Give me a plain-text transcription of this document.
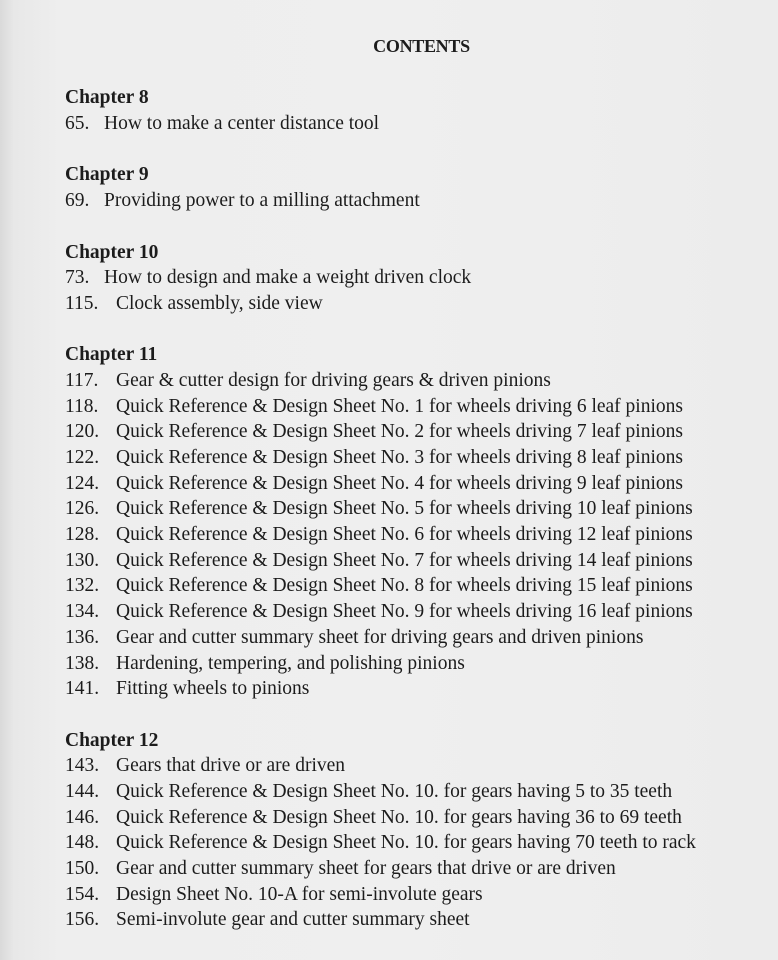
CONTENTS
Chapter 8
65. How to make a center distance tool
Chapter 9
69. Providing power to a milling attachment
Chapter 10
73. How to design and make a weight driven clock
115. Clock assembly, side view
Chapter 11
117. Gear & cutter design for driving gears & driven pinions
118. Quick Reference & Design Sheet No. 1 for wheels driving 6 leaf pinions
120. Quick Reference & Design Sheet No. 2 for wheels driving 7 leaf pinions
122. Quick Reference & Design Sheet No. 3 for wheels driving 8 leaf pinions
124. Quick Reference & Design Sheet No. 4 for wheels driving 9 leaf pinions
126. Quick Reference & Design Sheet No. 5 for wheels driving 10 leaf pinions
128. Quick Reference & Design Sheet No. 6 for wheels driving 12 leaf pinions
130. Quick Reference & Design Sheet No. 7 for wheels driving 14 leaf pinions
132. Quick Reference & Design Sheet No. 8 for wheels driving 15 leaf pinions
134. Quick Reference & Design Sheet No. 9 for wheels driving 16 leaf pinions
136. Gear and cutter summary sheet for driving gears and driven pinions
138. Hardening, tempering, and polishing pinions
141. Fitting wheels to pinions
Chapter 12
143. Gears that drive or are driven
144. Quick Reference & Design Sheet No. 10. for gears having 5 to 35 teeth
146. Quick Reference & Design Sheet No. 10. for gears having 36 to 69 teeth
148. Quick Reference & Design Sheet No. 10. for gears having 70 teeth to rack
150. Gear and cutter summary sheet for gears that drive or are driven
154. Design Sheet No. 10-A for semi-involute gears
156. Semi-involute gear and cutter summary sheet
